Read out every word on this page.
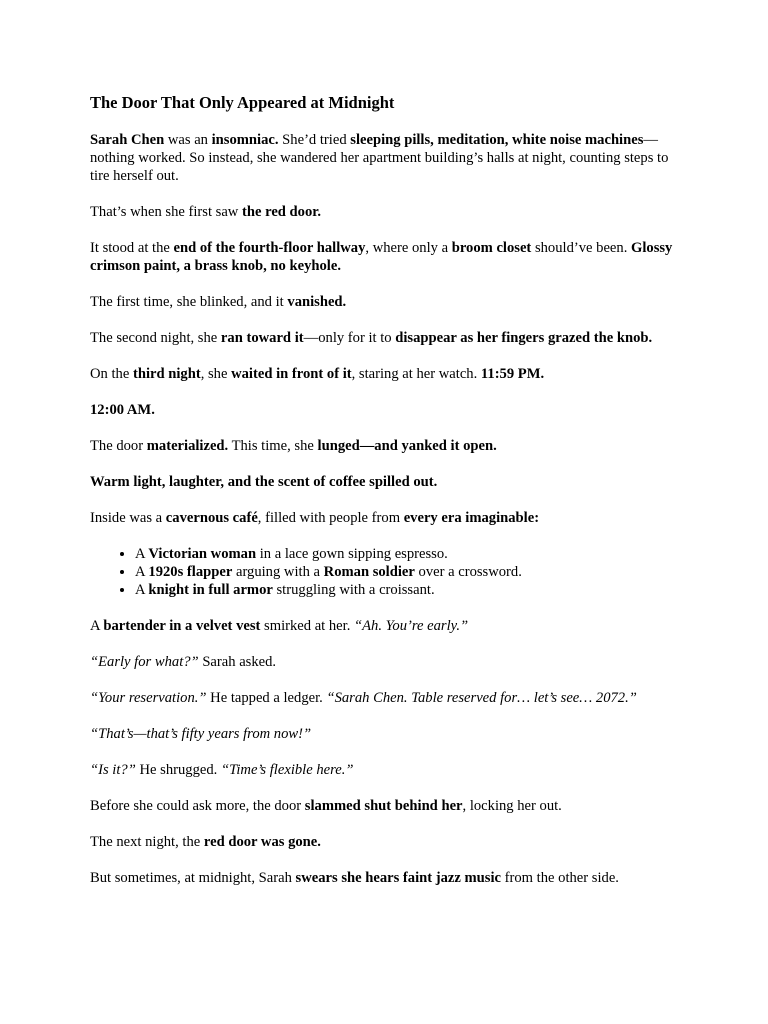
The Door That Only Appeared at Midnight

Sarah Chen was an insomniac. She’d tried sleeping pills, meditation, white noise machines—nothing worked. So instead, she wandered her apartment building’s halls at night, counting steps to tire herself out.

That’s when she first saw the red door.

It stood at the end of the fourth-floor hallway, where only a broom closet should’ve been. Glossy crimson paint, a brass knob, no keyhole.

The first time, she blinked, and it vanished.

The second night, she ran toward it—only for it to disappear as her fingers grazed the knob.

On the third night, she waited in front of it, staring at her watch. 11:59 PM.

12:00 AM.

The door materialized. This time, she lunged—and yanked it open.

Warm light, laughter, and the scent of coffee spilled out.

Inside was a cavernous café, filled with people from every era imaginable:

• A Victorian woman in a lace gown sipping espresso.
• A 1920s flapper arguing with a Roman soldier over a crossword.
• A knight in full armor struggling with a croissant.

A bartender in a velvet vest smirked at her. “Ah. You’re early.”

“Early for what?” Sarah asked.

“Your reservation.” He tapped a ledger. “Sarah Chen. Table reserved for… let’s see… 2072.”

“That’s—that’s fifty years from now!”

“Is it?” He shrugged. “Time’s flexible here.”

Before she could ask more, the door slammed shut behind her, locking her out.

The next night, the red door was gone.

But sometimes, at midnight, Sarah swears she hears faint jazz music from the other side.
